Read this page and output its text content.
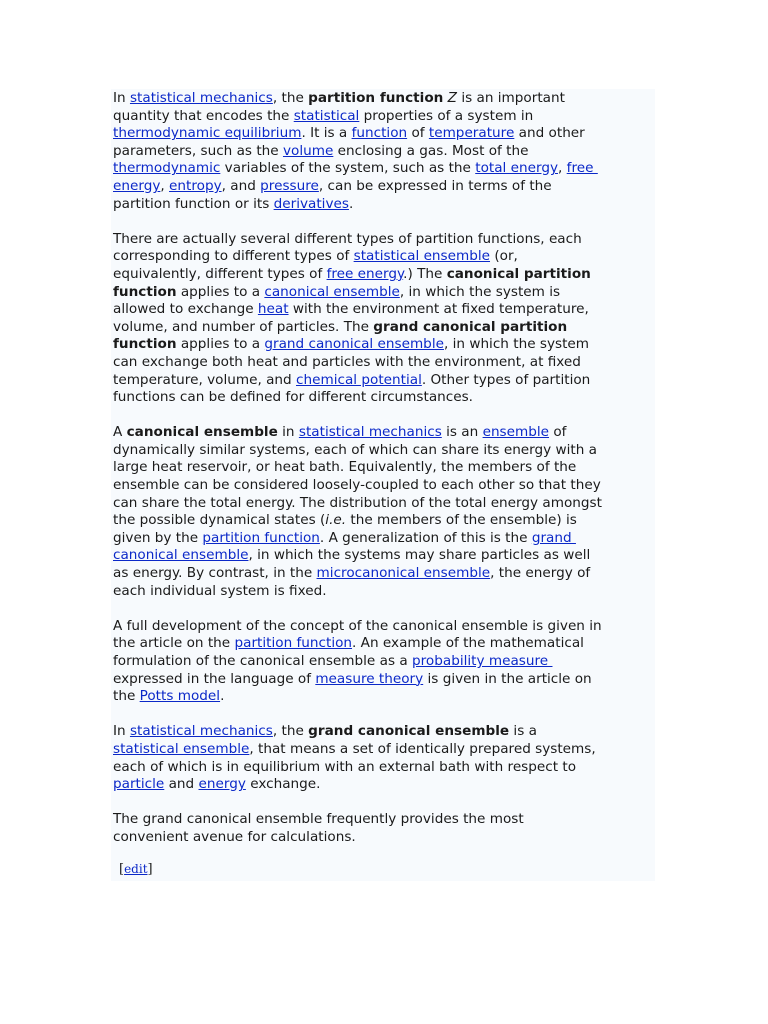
In statistical mechanics, the partition function Z is an important
quantity that encodes the statistical properties of a system in
thermodynamic equilibrium. It is a function of temperature and other
parameters, such as the volume enclosing a gas. Most of the
thermodynamic variables of the system, such as the total energy, free
energy, entropy, and pressure, can be expressed in terms of the
partition function or its derivatives.
There are actually several different types of partition functions, each
corresponding to different types of statistical ensemble (or,
equivalently, different types of free energy.) The canonical partition
function applies to a canonical ensemble, in which the system is
allowed to exchange heat with the environment at fixed temperature,
volume, and number of particles. The grand canonical partition
function applies to a grand canonical ensemble, in which the system
can exchange both heat and particles with the environment, at fixed
temperature, volume, and chemical potential. Other types of partition
functions can be defined for different circumstances.
A canonical ensemble in statistical mechanics is an ensemble of
dynamically similar systems, each of which can share its energy with a
large heat reservoir, or heat bath. Equivalently, the members of the
ensemble can be considered loosely-coupled to each other so that they
can share the total energy. The distribution of the total energy amongst
the possible dynamical states (i.e. the members of the ensemble) is
given by the partition function. A generalization of this is the grand
canonical ensemble, in which the systems may share particles as well
as energy. By contrast, in the microcanonical ensemble, the energy of
each individual system is fixed.
A full development of the concept of the canonical ensemble is given in
the article on the partition function. An example of the mathematical
formulation of the canonical ensemble as a probability measure
expressed in the language of measure theory is given in the article on
the Potts model.
In statistical mechanics, the grand canonical ensemble is a
statistical ensemble, that means a set of identically prepared systems,
each of which is in equilibrium with an external bath with respect to
particle and energy exchange.
The grand canonical ensemble frequently provides the most
convenient avenue for calculations.
[edit]
